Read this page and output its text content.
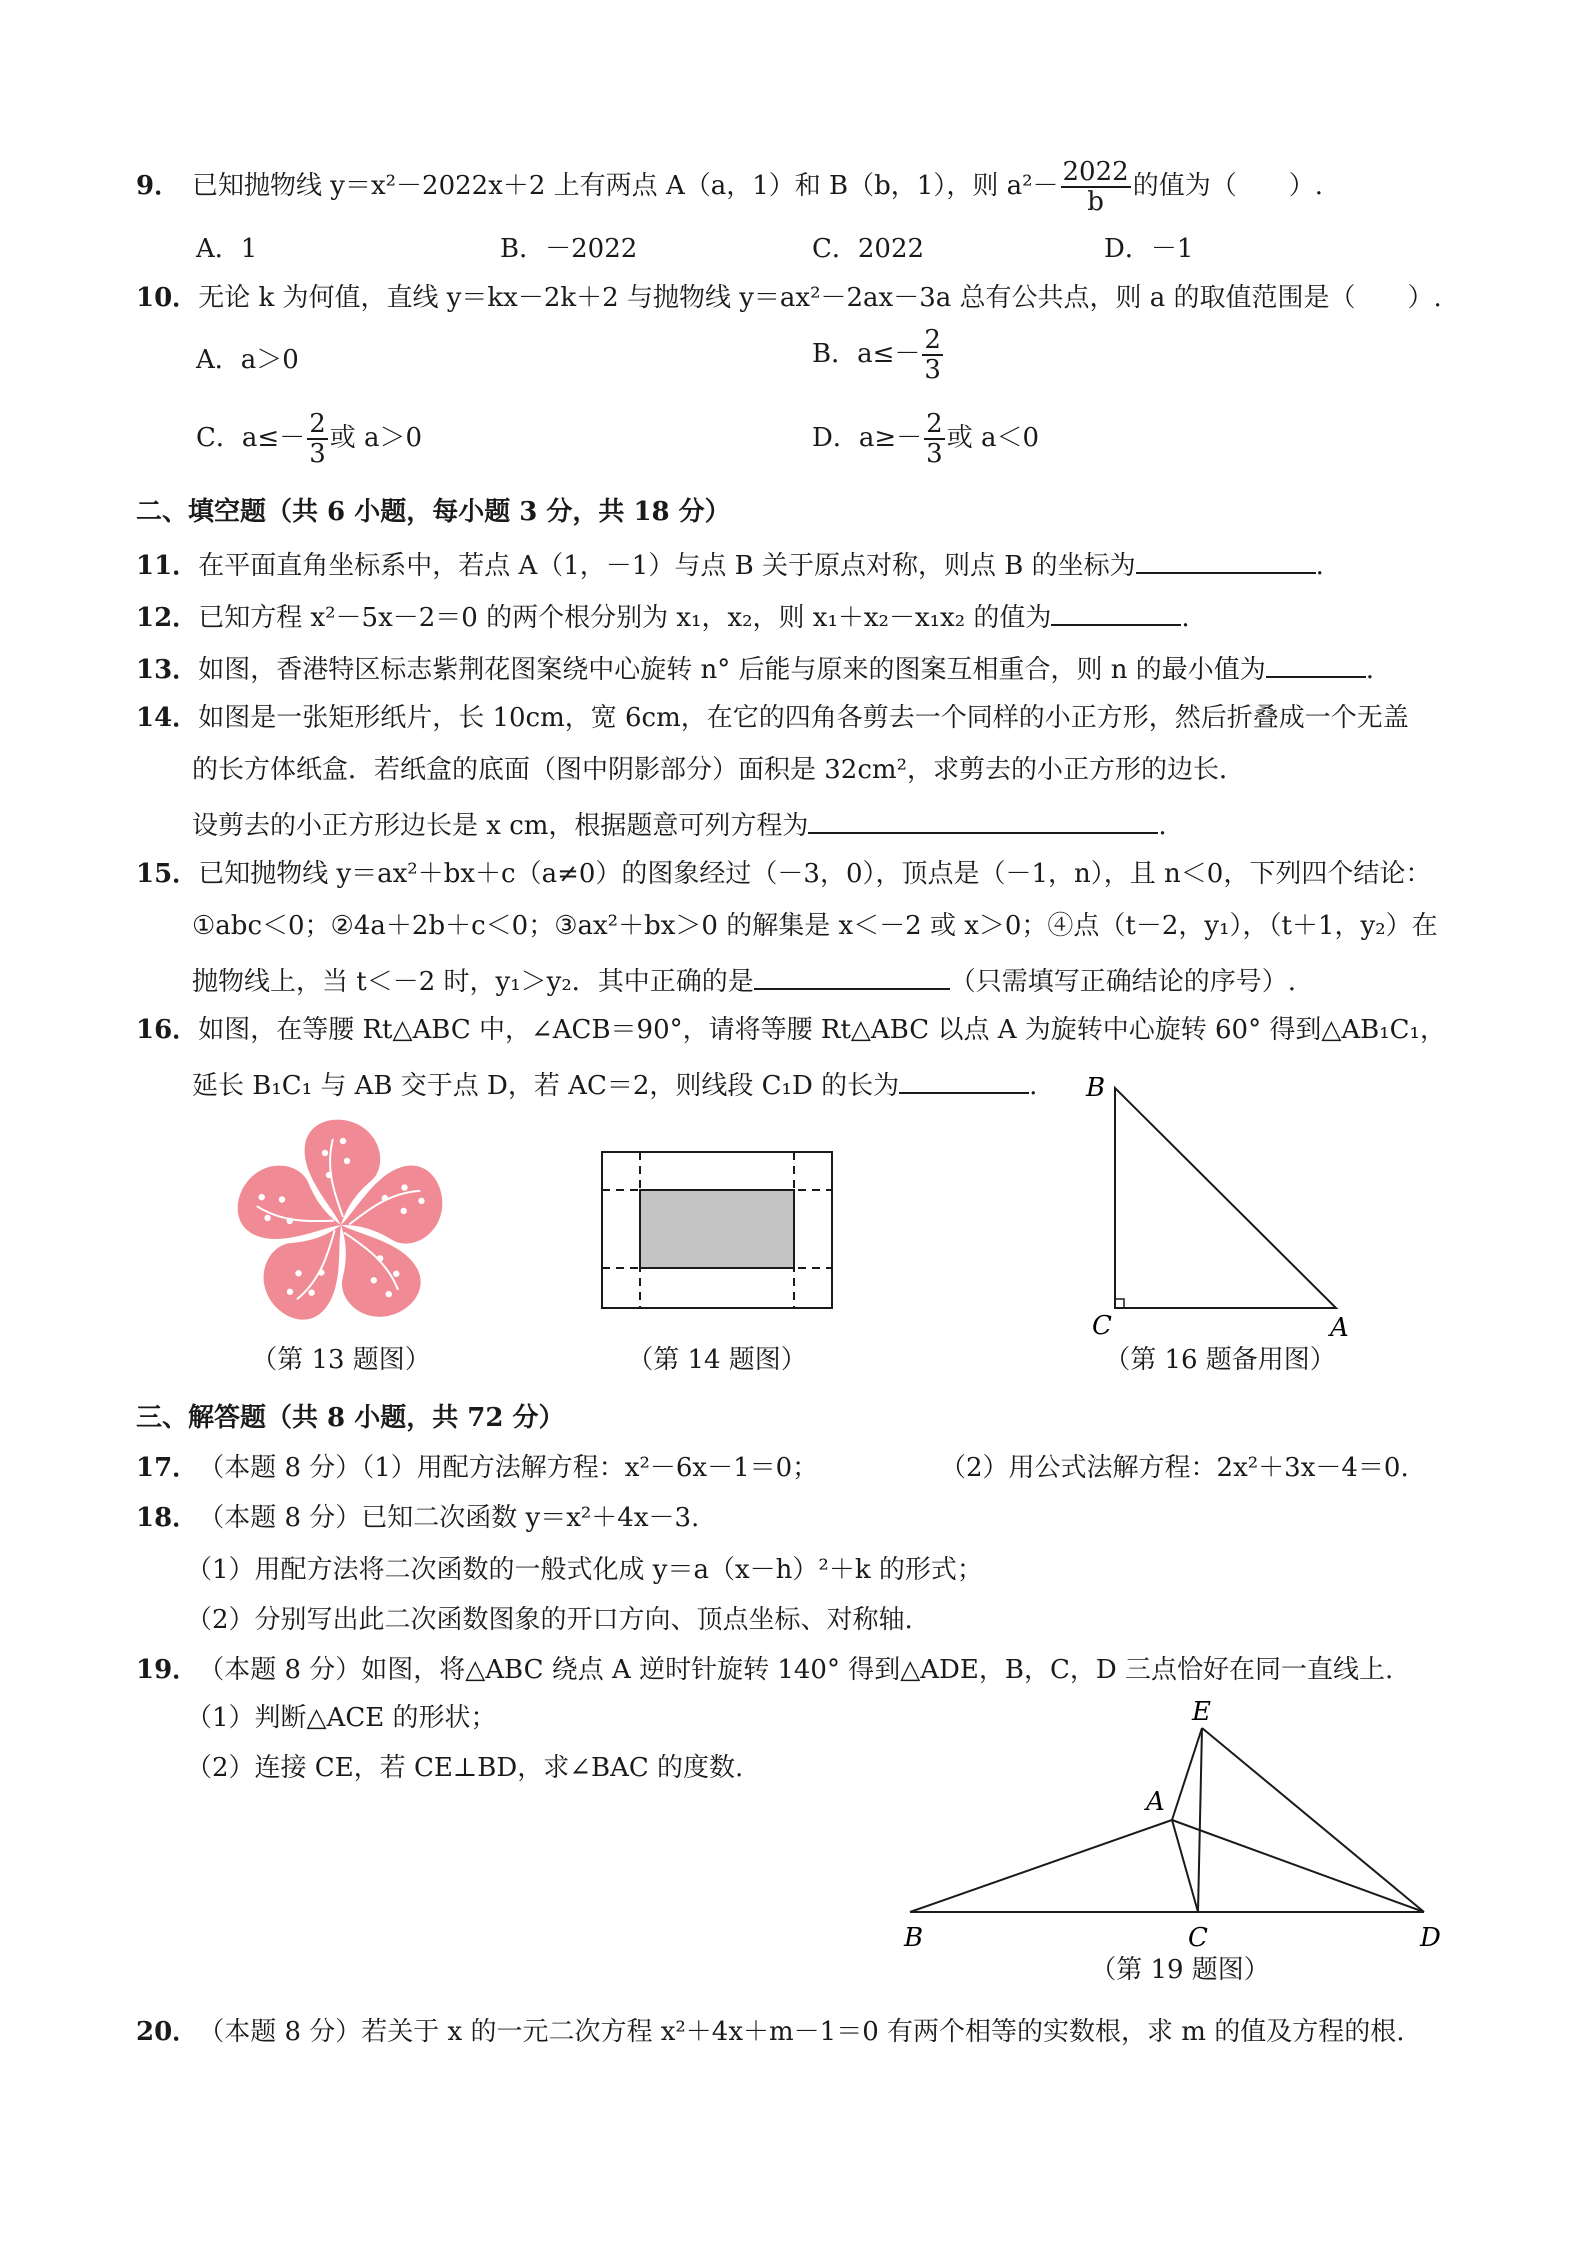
9． 已知抛物线 y＝x²－2022x＋2 上有两点 A（a，1）和 B（b，1），则 $a^2- \frac{2022}{b}$ 的值为（　　）.
A．1	B．－2022	C．2022	D．－1
10．无论 k 为何值，直线 y＝kx－2k＋2 与抛物线 y＝ax²－2ax－3a 总有公共点，则 a 的取值范围是（　　）.
A．a＞0	B．$a\le- \frac{2}{3}$
C．$a\le- \frac{2}{3}$ 或 a＞0	D．$a\ge- \frac{2}{3}$ 或 a＜0
二、填空题（共 6 小题，每小题 3 分，共 18 分）
11．在平面直角坐标系中，若点 A（1，－1）与点 B 关于原点对称，则点 B 的坐标为	.
12．已知方程 x²－5x－2＝0 的两个根分别为 x₁，x₂，则 x₁＋x₂－x₁x₂ 的值为	.
13．如图，香港特区标志紫荆花图案绕中心旋转 n° 后能与原来的图案互相重合，则 n 的最小值为	.
14．如图是一张矩形纸片，长 10cm，宽 6cm，在它的四角各剪去一个同样的小正方形，然后折叠成一个无盖
的长方体纸盒．若纸盒的底面（图中阴影部分）面积是 32cm²，求剪去的小正方形的边长．
设剪去的小正方形边长是 x cm，根据题意可列方程为	.
15．已知抛物线 y＝ax²＋bx＋c（a≠0）的图象经过（－3，0），顶点是（－1，n），且 n＜0，下列四个结论：
①abc＜0；②4a＋2b＋c＜0；③ax²＋bx＞0 的解集是 x＜－2 或 x＞0；④点（t－2，y₁），（t＋1，y₂）在
抛物线上，当 t＜－2 时，y₁＞y₂．其中正确的是	（只需填写正确结论的序号）.
16．如图，在等腰 Rt△ABC 中，∠ACB＝90°，请将等腰 Rt△ABC 以点 A 为旋转中心旋转 60° 得到△AB₁C₁，
延长 B₁C₁ 与 AB 交于点 D，若 AC＝2，则线段 C₁D 的长为	.
（第 13 题图）	（第 14 题图）
B
C	A
（第 16 题备用图）
三、解答题（共 8 小题，共 72 分）
17．（本题 8 分）（1）用配方法解方程：x²－6x－1＝0；	（2）用公式法解方程：2x²＋3x－4＝0.
18．（本题 8 分）已知二次函数 y＝x²＋4x－3.
（1）用配方法将二次函数的一般式化成 y＝a（x－h）²＋k 的形式；
（2）分别写出此二次函数图象的开口方向、顶点坐标、对称轴.
19．（本题 8 分）如图，将△ABC 绕点 A 逆时针旋转 140° 得到△ADE，B，C，D 三点恰好在同一直线上.
（1）判断△ACE 的形状；
（2）连接 CE，若 CE⊥BD，求∠BAC 的度数.
E
A
B	C	D
（第 19 题图）
20．（本题 8 分）若关于 x 的一元二次方程 x²＋4x＋m－1＝0 有两个相等的实数根，求 m 的值及方程的根.
